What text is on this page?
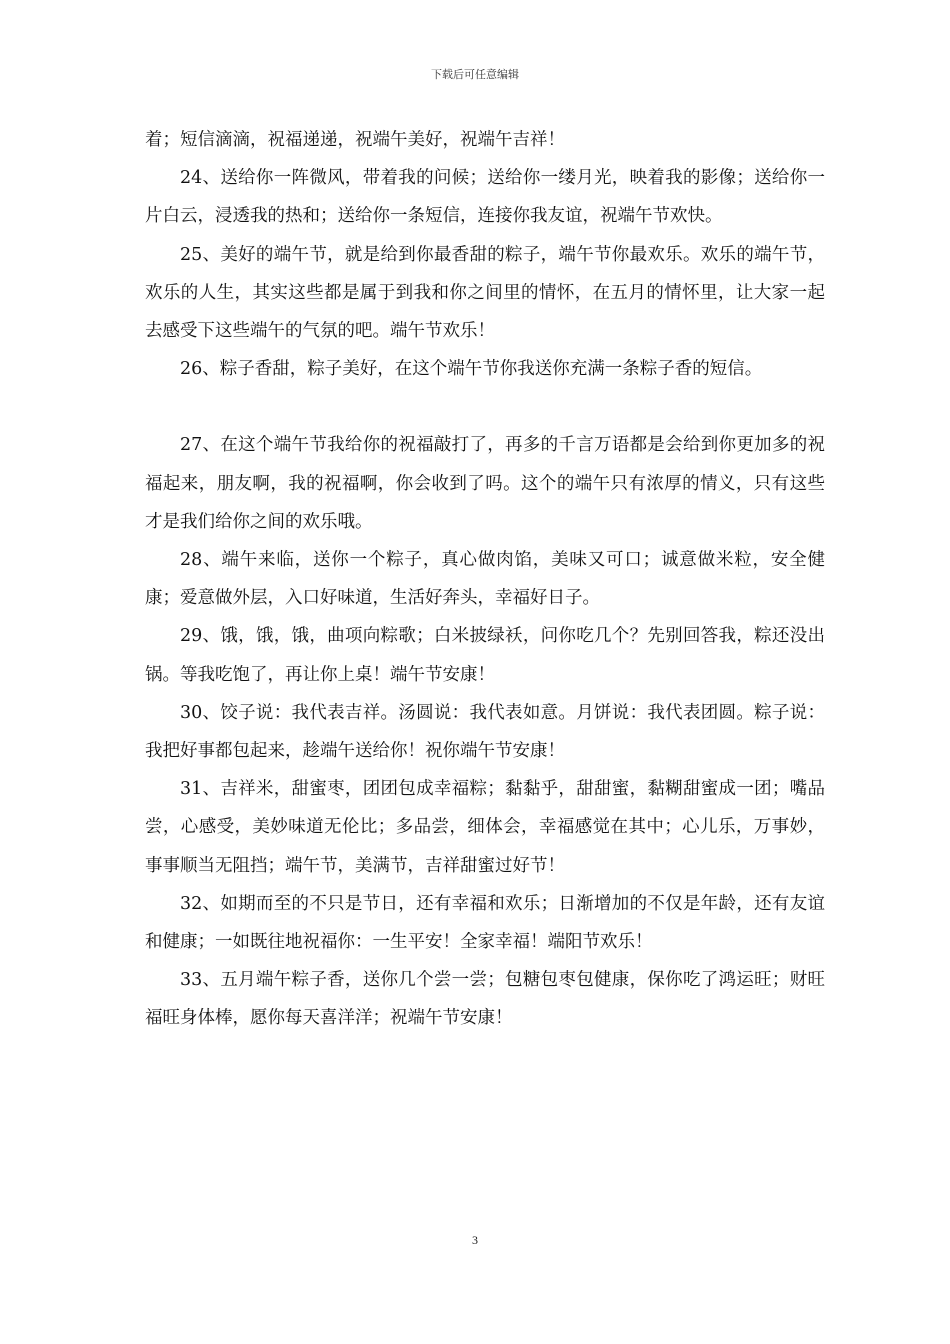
下载后可任意编辑

着；短信滴滴，祝福递递，祝端午美好，祝端午吉祥！

24、送给你一阵微风，带着我的问候；送给你一缕月光，映着我的影像；送给你一片白云，浸透我的热和；送给你一条短信，连接你我友谊，祝端午节欢快。

25、美好的端午节，就是给到你最香甜的粽子，端午节你最欢乐。欢乐的端午节，欢乐的人生，其实这些都是属于到我和你之间里的情怀，在五月的情怀里，让大家一起去感受下这些端午的气氛的吧。端午节欢乐！

26、粽子香甜，粽子美好，在这个端午节你我送你充满一条粽子香的短信。

27、在这个端午节我给你的祝福敲打了，再多的千言万语都是会给到你更加多的祝福起来，朋友啊，我的祝福啊，你会收到了吗。这个的端午只有浓厚的情义，只有这些才是我们给你之间的欢乐哦。

28、端午来临，送你一个粽子，真心做肉馅，美味又可口；诚意做米粒，安全健康；爱意做外层，入口好味道，生活好奔头，幸福好日子。

29、饿，饿，饿，曲项向粽歌；白米披绿袄，问你吃几个？先别回答我，粽还没出锅。等我吃饱了，再让你上桌！端午节安康！

30、饺子说：我代表吉祥。汤圆说：我代表如意。月饼说：我代表团圆。粽子说：我把好事都包起来，趁端午送给你！祝你端午节安康！

31、吉祥米，甜蜜枣，团团包成幸福粽；黏黏乎，甜甜蜜，黏糊甜蜜成一团；嘴品尝，心感受，美妙味道无伦比；多品尝，细体会，幸福感觉在其中；心儿乐，万事妙，事事顺当无阻挡；端午节，美满节，吉祥甜蜜过好节！

32、如期而至的不只是节日，还有幸福和欢乐；日渐增加的不仅是年龄，还有友谊和健康；一如既往地祝福你：一生平安！全家幸福！端阳节欢乐！

33、五月端午粽子香，送你几个尝一尝；包糖包枣包健康，保你吃了鸿运旺；财旺福旺身体棒，愿你每天喜洋洋；祝端午节安康！

3
